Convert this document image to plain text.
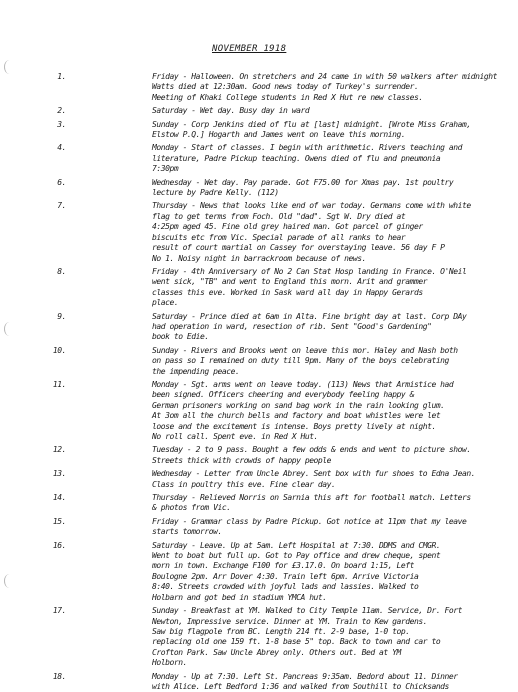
NOVEMBER 1918
1.	Friday - Halloween. On stretchers and 24 came in with 50 walkers after midnight
Watts died at 12:30am. Good news today of Turkey's surrender.
Meeting of Khaki College students in Red X Hut re new classes.
2.	Saturday - Wet day. Busy day in ward
3.	Sunday - Corp Jenkins died of flu at [last] midnight. [Wrote Miss Graham,
Elstow P.Q.] Hogarth and James went on leave this morning.
4.	Monday - Start of classes. I begin with arithmetic. Rivers teaching and
literature, Padre Pickup teaching. Owens died of flu and pneumonia
7:30pm
6.	Wednesday - Wet day. Pay parade. Got F75.00 for Xmas pay. 1st poultry
lecture by Padre Kelly. (112)
7.	Thursday - News that looks like end of war today. Germans come with white
flag to get terms from Foch. Old "dad". Sgt W. Dry died at
4:25pm aged 45. Fine old grey haired man. Got parcel of ginger
biscuits etc from Vic. Special parade of all ranks to hear
result of court martial on Cassey for overstaying leave. 56 day F P
No 1. Noisy night in barrackroom because of news.
8.	Friday - 4th Anniversary of No 2 Can Stat Hosp landing in France. O'Neil
went sick, "TB" and went to England this morn. Arit and grammer
classes this eve. Worked in Sask ward all day in Happy Gerards
place.
9.	Saturday - Prince died at 6am in Alta. Fine bright day at last. Corp DAy
had operation in ward, resection of rib. Sent "Good's Gardening"
book to Edie.
10.	Sunday - Rivers and Brooks went on leave this mor. Haley and Nash both
on pass so I remained on duty till 9pm. Many of the boys celebrating
the impending peace.
11.	Monday - Sgt. arms went on leave today. (113) News that Armistice had
been signed. Officers cheering and everybody feeling happy &
German prisoners working on sand bag work in the rain looking glum.
At 3om all the church bells and factory and boat whistles were let
loose and the excitement is intense. Boys pretty lively at night.
No roll call. Spent eve. in Red X Hut.
12.	Tuesday - 2 to 9 pass. Bought a few odds & ends and went to picture show.
Streets thick with crowds of happy people
13.	Wednesday - Letter from Uncle Abrey. Sent box with fur shoes to Edna Jean.
Class in poultry this eve. Fine clear day.
14.	Thursday - Relieved Norris on Sarnia this aft for football match. Letters
& photos from Vic.
15.	Friday - Grammar class by Padre Pickup. Got notice at 11pm that my leave
starts tomorrow.
16.	Saturday - Leave. Up at 5am. Left Hospital at 7:30. DDMS and CMGR.
Went to boat but full up. Got to Pay office and drew cheque, spent
morn in town. Exchange F100 for £3.17.0. On board 1:15, Left
Boulogne 2pm. Arr Dover 4:30. Train left 6pm. Arrive Victoria
8:40. Streets crowded with joyful lads and lassies. Walked to
Holbarn and got bed in stadium YMCA hut.
17.	Sunday - Breakfast at YM. Walked to City Temple 11am. Service, Dr. Fort
Newton, Impressive service. Dinner at YM. Train to Kew gardens.
Saw big flagpole from BC. Length 214 ft. 2-9 base, 1-0 top.
replacing old one 159 ft. 1-8 base 5" top. Back to town and car to
Crofton Park. Saw Uncle Abrey only. Others out. Bed at YM
Holborn.
18.	Monday - Up at 7:30. Left St. Pancreas 9:35am. Bedord about 11. Dinner
with Alice. Left Bedford 1:36 and walked from Southill to Chicksands
